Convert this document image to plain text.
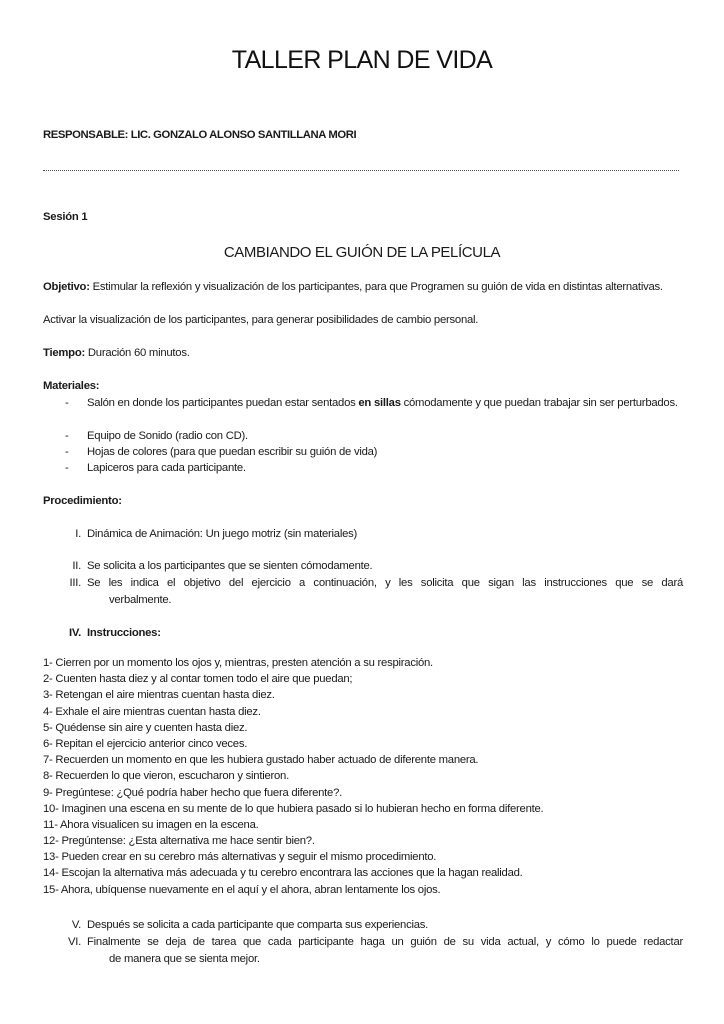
TALLER PLAN DE VIDA
RESPONSABLE: LIC. GONZALO ALONSO SANTILLANA MORI
Sesión 1
CAMBIANDO EL GUIÓN DE LA PELÍCULA
Objetivo: Estimular la reflexión y visualización de los participantes, para que Programen su guión de vida en distintas alternativas.
Activar la visualización de los participantes, para generar posibilidades de cambio personal.
Tiempo: Duración 60 minutos.
Materiales:
- Salón en donde los participantes puedan estar sentados en sillas cómodamente y que puedan trabajar sin ser perturbados.
- Equipo de Sonido (radio con CD).
- Hojas de colores (para que puedan escribir su guión de vida)
- Lapiceros para cada participante.
Procedimiento:
I. Dinámica de Animación: Un juego motriz (sin materiales)
II. Se solicita a los participantes que se sienten cómodamente.
III. Se les indica el objetivo del ejercicio a continuación, y les solicita que sigan las instrucciones que se dará
verbalmente.
IV. Instrucciones:
1- Cierren por un momento los ojos y, mientras, presten atención a su respiración.
2- Cuenten hasta diez y al contar tomen todo el aire que puedan;
3- Retengan el aire mientras cuentan hasta diez.
4- Exhale el aire mientras cuentan hasta diez.
5- Quédense sin aire y cuenten hasta diez.
6- Repitan el ejercicio anterior cinco veces.
7- Recuerden un momento en que les hubiera gustado haber actuado de diferente manera.
8- Recuerden lo que vieron, escucharon y sintieron.
9- Pregúntese: ¿Qué podría haber hecho que fuera diferente?.
10- Imaginen una escena en su mente de lo que hubiera pasado si lo hubieran hecho en forma diferente.
11- Ahora visualicen su imagen en la escena.
12- Pregúntense: ¿Esta alternativa me hace sentir bien?.
13- Pueden crear en su cerebro más alternativas y seguir el mismo procedimiento.
14- Escojan la alternativa más adecuada y tu cerebro encontrara las acciones que la hagan realidad.
15- Ahora, ubíquense nuevamente en el aquí y el ahora, abran lentamente los ojos.
V. Después se solicita a cada participante que comparta sus experiencias.
VI. Finalmente se deja de tarea que cada participante haga un guión de su vida actual, y cómo lo puede redactar
de manera que se sienta mejor.
